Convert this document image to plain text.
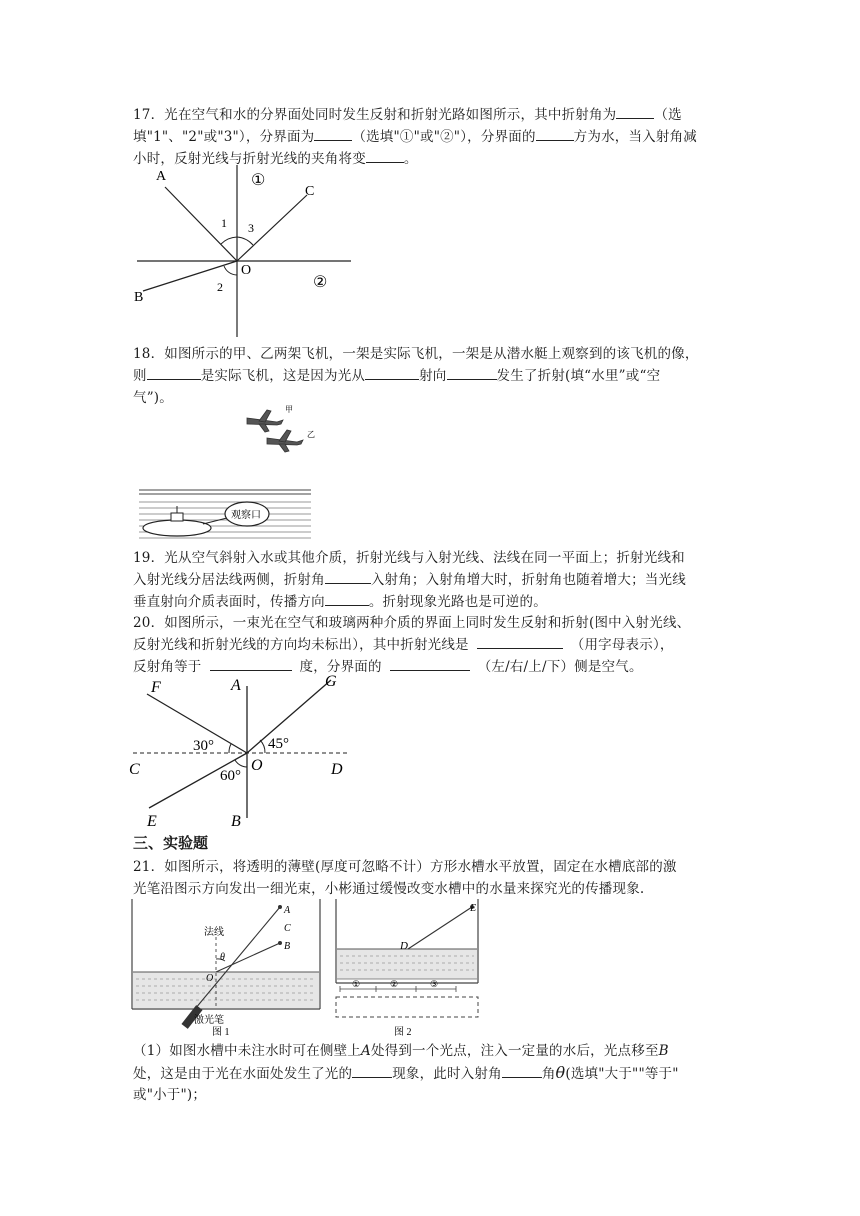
17．光在空气和水的分界面处同时发生反射和折射光路如图所示，其中折射角为	（选
填"1"、"2"或"3"），分界面为	（选填"①"或"②"），分界面的	方为水，当入射角减
小时，反射光线与折射光线的夹角将变	。
A
C
B
O
1 3
2
①
②
18．如图所示的甲、乙两架飞机，一架是实际飞机，一架是从潜水艇上观察到的该飞机的像，
则	是实际飞机，这是因为光从	射向	发生了折射(填“水里”或“空
气”)。
甲
乙
观察口
19．光从空气斜射入水或其他介质，折射光线与入射光线、法线在同一平面上；折射光线和
入射光线分居法线两侧，折射角	入射角；入射角增大时，折射角也随着增大；当光线
垂直射向介质表面时，传播方向	。折射现象光路也是可逆的。
20．如图所示，一束光在空气和玻璃两种介质的界面上同时发生反射和折射(图中入射光线、
反射光线和折射光线的方向均未标出），其中折射光线是	（用字母表示），
反射角等于	度，分界面的	（左/右/上/下）侧是空气。
F	A	G
C	O	D
E	B
30°	45°
60°
三、实验题
21．如图所示，将透明的薄壁(厚度可忽略不计）方形水槽水平放置，固定在水槽底部的激
光笔沿图示方向发出一细光束，小彬通过缓慢改变水槽中的水量来探究光的传播现象.
A
C
B
法线
θ
O
激光笔
图 1
E
D
①	②	③
图 2
（1）如图水槽中未注水时可在侧壁上A处得到一个光点，注入一定量的水后，光点移至B
处，这是由于光在水面处发生了光的	现象，此时入射角	角θ(选填"大于""等于"
或"小于")；
